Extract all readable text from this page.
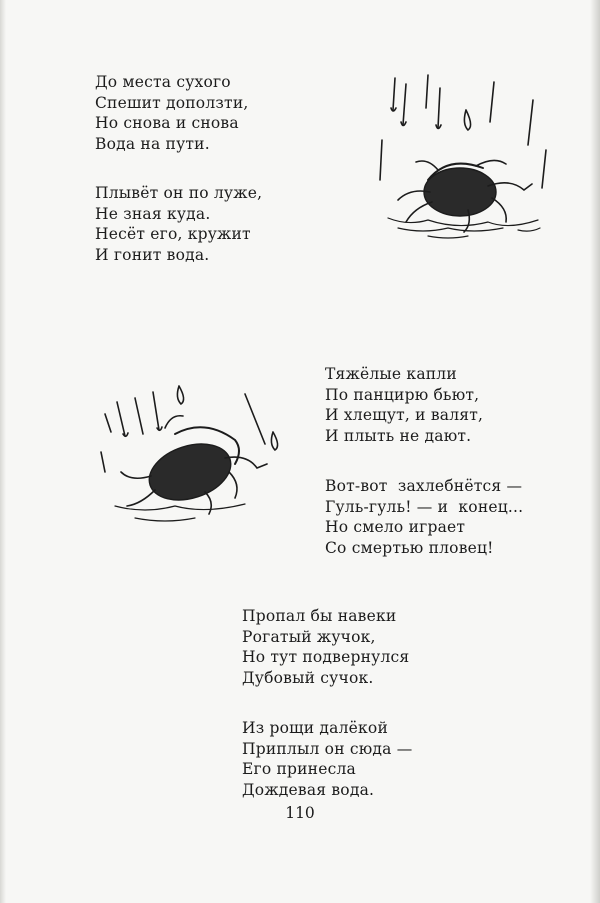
До места сухого
Спешит доползти,
Но снова и снова
Вода на пути.
Плывёт он по луже,
Не зная куда.
Несёт его, кружит
И гонит вода.
Тяжёлые капли
По панцирю бьют,
И хлещут, и валят,
И плыть не дают.
Вот-вот  захлебнётся —
Гуль-гуль! — и  конец...
Но смело играет
Со смертью пловец!
Пропал бы навеки
Рогатый жучок,
Но тут подвернулся
Дубовый сучок.
Из рощи далёкой
Приплыл он сюда —
Его принесла
Дождевая вода.
110
